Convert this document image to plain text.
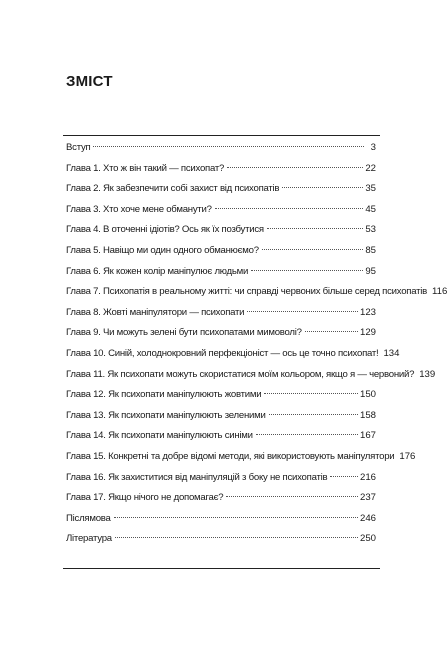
ЗМІСТ
Вступ	3
Глава 1. Хто ж він такий — психопат?	22
Глава 2. Як забезпечити собі захист від психопатів	35
Глава 3. Хто хоче мене обманути?	45
Глава 4. В оточенні ідіотів? Ось як їх позбутися	53
Глава 5. Навіщо ми один одного обманюємо?	85
Глава 6. Як кожен колір маніпулює людьми	95
Глава 7. Психопатія в реальному житті: чи справді червоних більше серед психопатів 116
Глава 8. Жовті маніпулятори — психопати	123
Глава 9. Чи можуть зелені бути психопатами мимоволі?	129
Глава 10. Синій, холоднокровний перфекціоніст — ось це точно психопат! 134
Глава 11. Як психопати можуть скористатися моїм кольором, якщо я — червоний? 139
Глава 12. Як психопати маніпулюють жовтими	150
Глава 13. Як психопати маніпулюють зеленими	158
Глава 14. Як психопати маніпулюють синіми	167
Глава 15. Конкретні та добре відомі методи, які використовують маніпулятори 176
Глава 16. Як захиститися від маніпуляцій з боку не психопатів	216
Глава 17. Якщо нічого не допомагає?	237
Післямова	246
Література	250
